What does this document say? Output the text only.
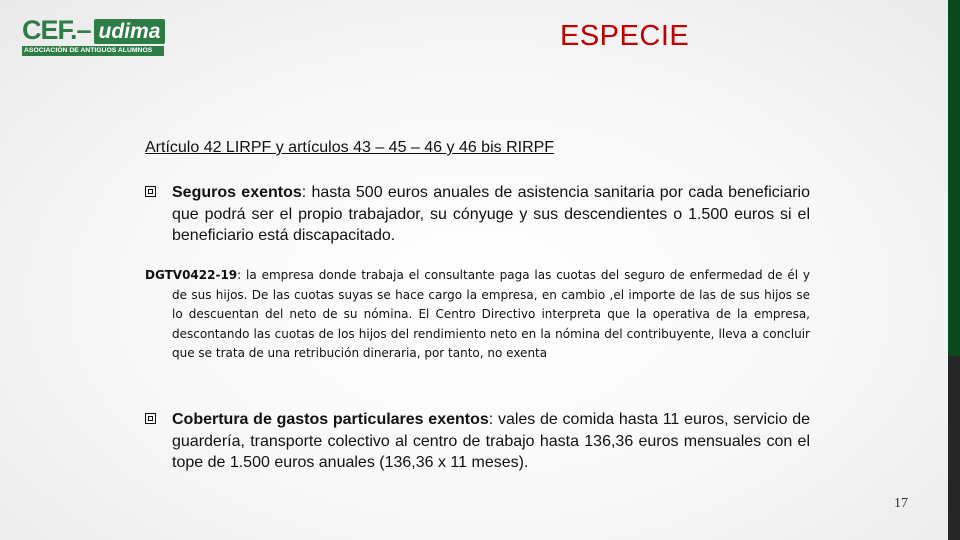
CEF.– udima
ASOCIACIÓN DE ANTIGUOS ALUMNOS	ESPECIE
Artículo 42 LIRPF y artículos 43 – 45 – 46 y 46 bis RIRPF
Seguros exentos: hasta 500 euros anuales de asistencia sanitaria por cada beneficiario que podrá ser el propio trabajador, su cónyuge y sus descendientes o 1.500 euros si el beneficiario está discapacitado.
DGTV0422-19: la empresa donde trabaja el consultante paga las cuotas del seguro de enfermedad de él y de sus hijos. De las cuotas suyas se hace cargo la empresa, en cambio ,el importe de las de sus hijos se lo descuentan del neto de su nómina. El Centro Directivo interpreta que la operativa de la empresa, descontando las cuotas de los hijos del rendimiento neto en la nómina del contribuyente, lleva a concluir que se trata de una retribución dineraria, por tanto, no exenta
Cobertura de gastos particulares exentos: vales de comida hasta 11 euros, servicio de guardería, transporte colectivo al centro de trabajo hasta 136,36 euros mensuales con el tope de 1.500 euros anuales (136,36 x 11 meses).
17
